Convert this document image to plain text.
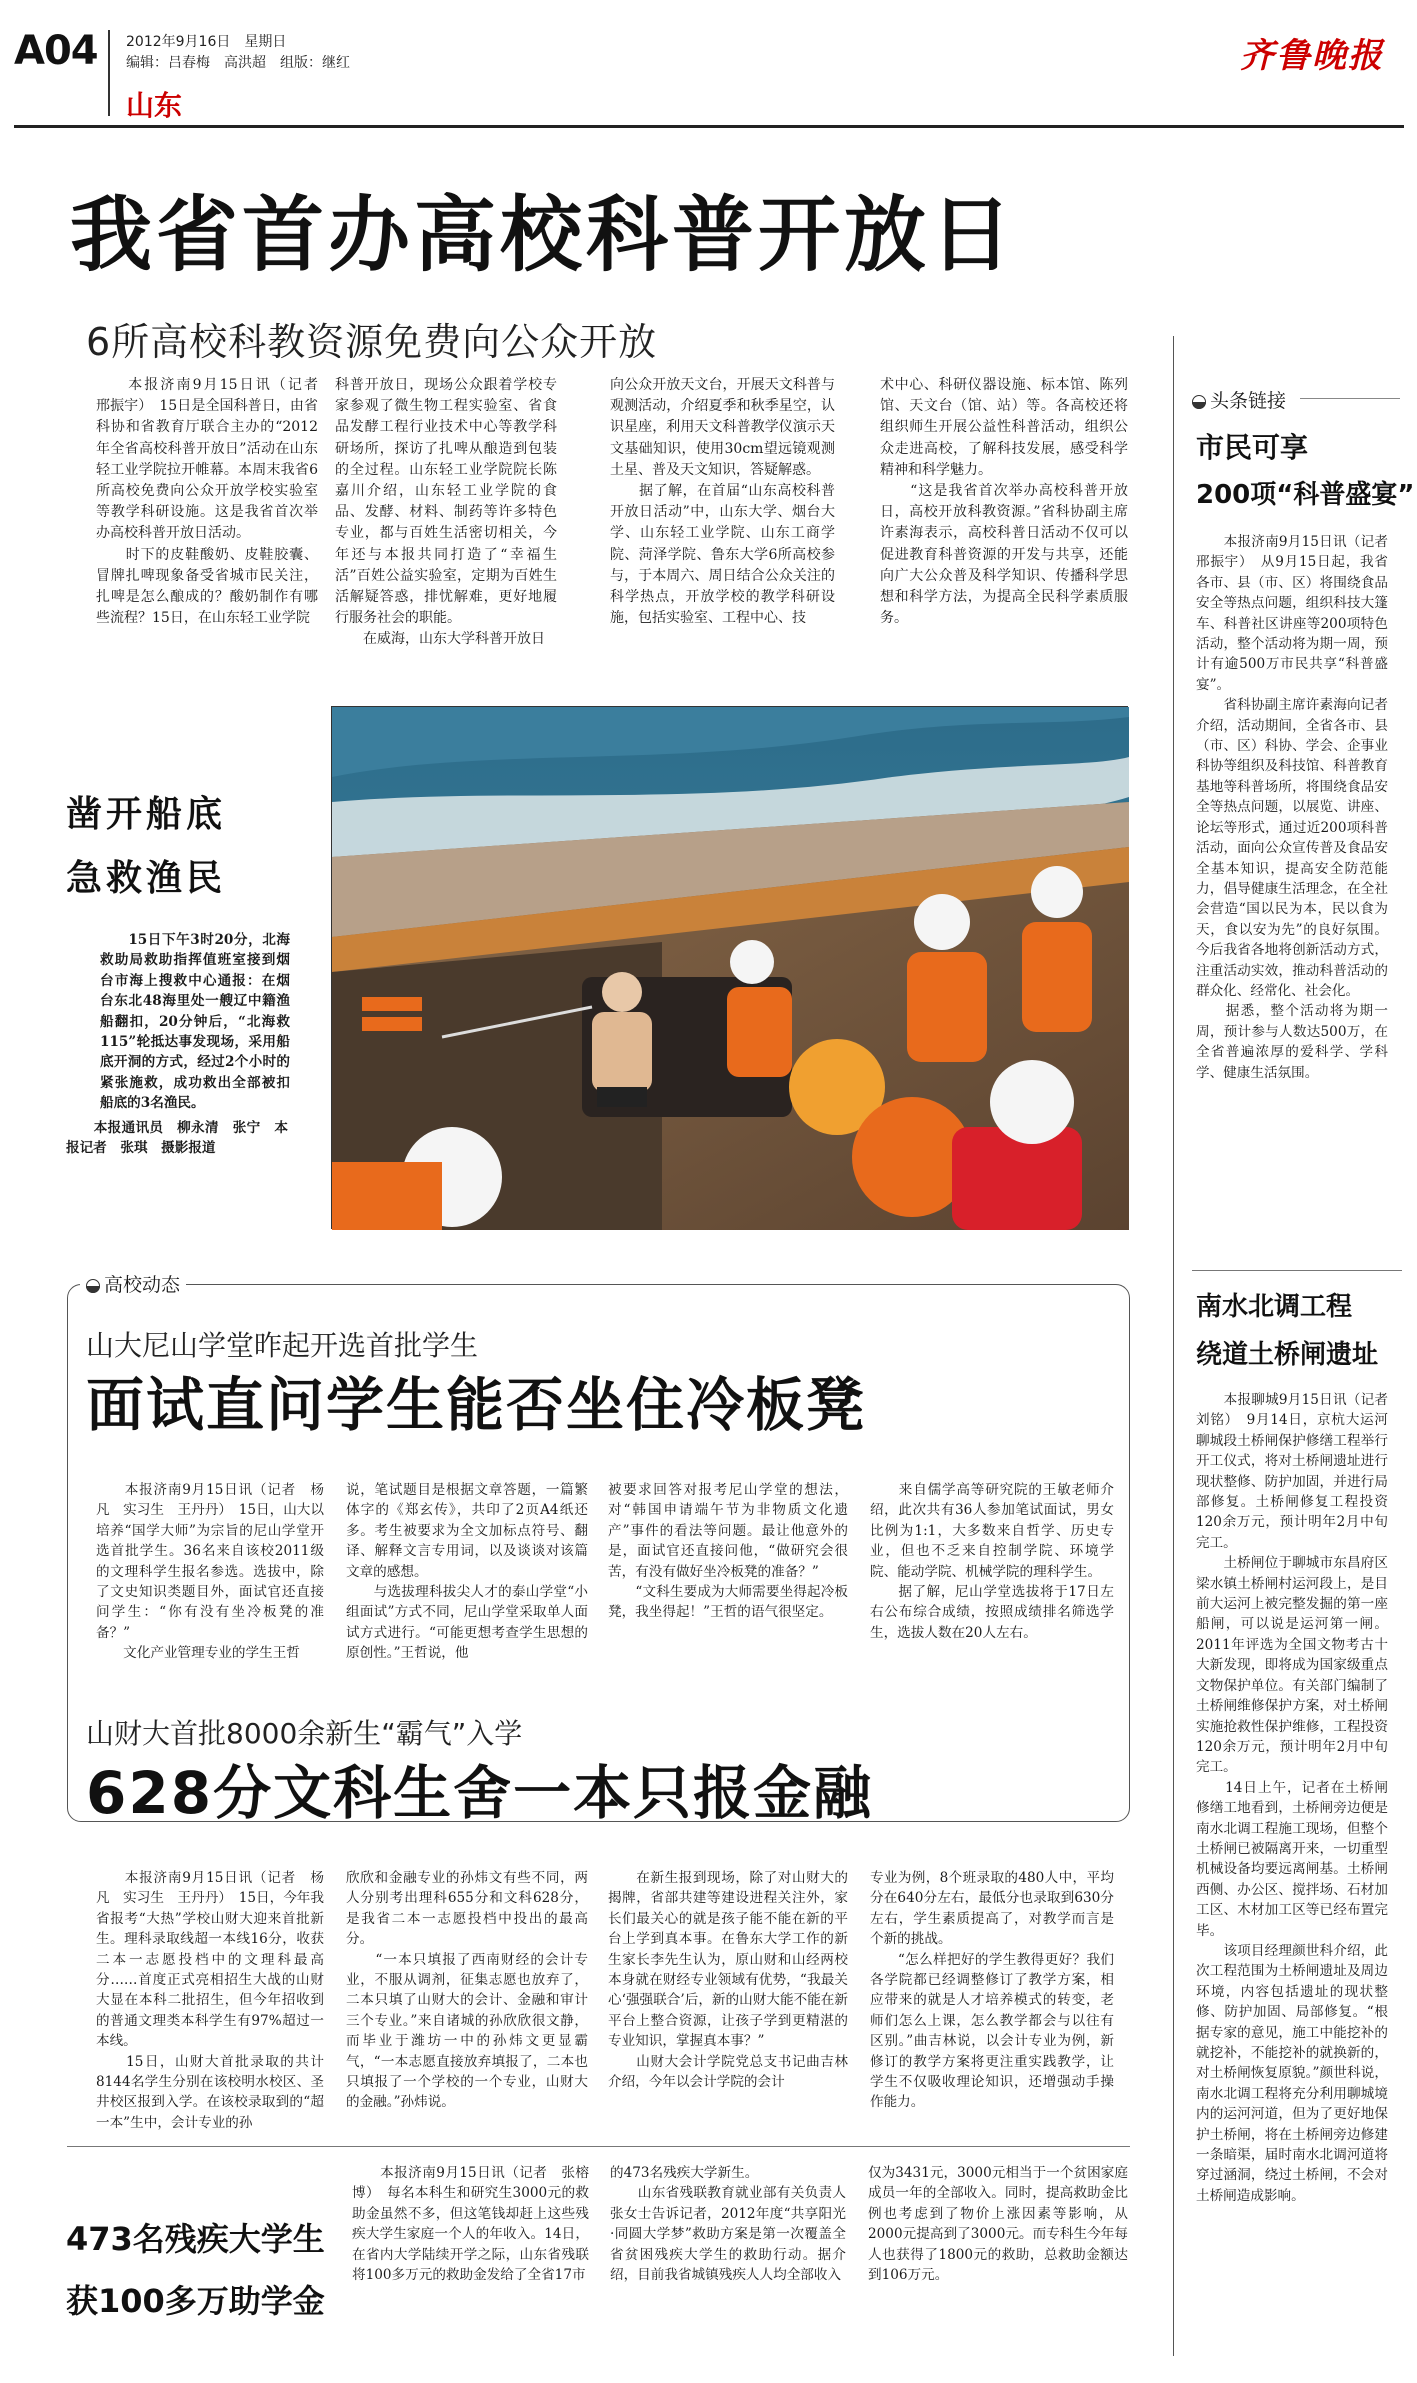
A04 2012年9月16日　星期日
编辑：吕春梅　高洪超　组版：继红
山东
齐鲁晚报
我省首办高校科普开放日
6所高校科教资源免费向公众开放
　　本报济南9月15日讯（记者　邢振宇）　15日是全国科普日，由省科协和省教育厅联合主办的“2012年全省高校科普开放日”活动在山东轻工业学院拉开帷幕。本周末我省6所高校免费向公众开放学校实验室等教学科研设施。这是我省首次举办高校科普开放日活动。
　　时下的皮鞋酸奶、皮鞋胶囊、冒牌扎啤现象备受省城市民关注，扎啤是怎么酿成的？酸奶制作有哪些流程？15日，在山东轻工业学院
科普开放日，现场公众跟着学校专家参观了微生物工程实验室、省食品发酵工程行业技术中心等教学科研场所，探访了扎啤从酿造到包装的全过程。山东轻工业学院院长陈嘉川介绍，山东轻工业学院的食品、发酵、材料、制药等许多特色专业，都与百姓生活密切相关，今年还与本报共同打造了“幸福生活”百姓公益实验室，定期为百姓生活解疑答惑，排忧解难，更好地履行服务社会的职能。
　　在威海，山东大学科普开放日
向公众开放天文台，开展天文科普与观测活动，介绍夏季和秋季星空，认识星座，利用天文科普教学仪演示天文基础知识，使用30cm望远镜观测土星、普及天文知识，答疑解惑。
　　据了解，在首届“山东高校科普开放日活动”中，山东大学、烟台大学、山东轻工业学院、山东工商学院、菏泽学院、鲁东大学6所高校参与，于本周六、周日结合公众关注的科学热点，开放学校的教学科研设施，包括实验室、工程中心、技
术中心、科研仪器设施、标本馆、陈列馆、天文台（馆、站）等。各高校还将组织师生开展公益性科普活动，组织公众走进高校，了解科技发展，感受科学精神和科学魅力。
　　“这是我省首次举办高校科普开放日，高校开放科教资源。”省科协副主席许素海表示，高校科普日活动不仅可以促进教育科普资源的开发与共享，还能向广大公众普及科学知识、传播科学思想和科学方法，为提高全民科学素质服务。
头条链接
市民可享
200项“科普盛宴”
　　本报济南9月15日讯（记者　邢振宇）　从9月15日起，我省各市、县（市、区）将围绕食品安全等热点问题，组织科技大篷车、科普社区讲座等200项特色活动，整个活动将为期一周，预计有逾500万市民共享“科普盛宴”。
　　省科协副主席许素海向记者介绍，活动期间，全省各市、县（市、区）科协、学会、企事业科协等组织及科技馆、科普教育基地等科普场所，将围绕食品安全等热点问题，以展览、讲座、论坛等形式，通过近200项科普活动，面向公众宣传普及食品安全基本知识，提高安全防范能力，倡导健康生活理念，在全社会营造“国以民为本，民以食为天，食以安为先”的良好氛围。今后我省各地将创新活动方式，注重活动实效，推动科普活动的群众化、经常化、社会化。
　　据悉，整个活动将为期一周，预计参与人数达500万，在全省普遍浓厚的爱科学、学科学、健康生活氛围。
凿开船底
急救渔民
　　15日下午3时20分，北海救助局救助指挥值班室接到烟台市海上搜救中心通报：在烟台东北48海里处一艘辽中籍渔船翻扣，20分钟后，“北海救115”轮抵达事发现场，采用船底开洞的方式，经过2个小时的紧张施救，成功救出全部被扣船底的3名渔民。
　　本报通讯员　柳永清　张宁　本报记者　张琪　摄影报道
高校动态
山大尼山学堂昨起开选首批学生
面试直问学生能否坐住冷板凳
　　本报济南9月15日讯（记者　杨凡　实习生　王丹丹）　15日，山大以培养“国学大师”为宗旨的尼山学堂开选首批学生。36名来自该校2011级的文理科学生报名参选。选拔中，除了文史知识类题目外，面试官还直接问学生：“你有没有坐冷板凳的准备？”
　　文化产业管理专业的学生王哲
说，笔试题目是根据文章答题，一篇繁体字的《郑玄传》，共印了2页A4纸还多。考生被要求为全文加标点符号、翻译、解释文言专用词，以及谈谈对该篇文章的感想。
　　与选拔理科拔尖人才的泰山学堂“小组面试”方式不同，尼山学堂采取单人面试方式进行。“可能更想考查学生思想的原创性。”王哲说，他
被要求回答对报考尼山学堂的想法，对“韩国申请端午节为非物质文化遗产”事件的看法等问题。最让他意外的是，面试官还直接问他，“做研究会很苦，有没有做好坐冷板凳的准备？”
　　“文科生要成为大师需要坐得起冷板凳，我坐得起！”王哲的语气很坚定。
　　来自儒学高等研究院的王敏老师介绍，此次共有36人参加笔试面试，男女比例为1:1，大多数来自哲学、历史专业，但也不乏来自控制学院、环境学院、能动学院、机械学院的理科学生。
　　据了解，尼山学堂选拔将于17日左右公布综合成绩，按照成绩排名筛选学生，选拔人数在20人左右。
山财大首批8000余新生“霸气”入学
628分文科生舍一本只报金融
　　本报济南9月15日讯（记者　杨凡　实习生　王丹丹）　15日，今年我省报考“大热”学校山财大迎来首批新生。理科录取线超一本线16分，收获二本一志愿投档中的文理科最高分……首度正式亮相招生大战的山财大显在本科二批招生，但今年招收到的普通文理类本科学生有97%超过一本线。
　　15日，山财大首批录取的共计8144名学生分别在该校明水校区、圣井校区报到入学。在该校录取到的“超一本”生中，会计专业的孙
欣欣和金融专业的孙炜文有些不同，两人分别考出理科655分和文科628分，是我省二本一志愿投档中投出的最高分。
　　“一本只填报了西南财经的会计专业，不服从调剂，征集志愿也放弃了，二本只填了山财大的会计、金融和审计三个专业。”来自诸城的孙欣欣很文静，而毕业于潍坊一中的孙炜文更显霸气，“一本志愿直接放弃填报了，二本也只填报了一个学校的一个专业，山财大的金融。”孙炜说。
　　在新生报到现场，除了对山财大的揭牌，省部共建等建设进程关注外，家长们最关心的就是孩子能不能在新的平台上学到真本事。在鲁东大学工作的新生家长李先生认为，原山财和山经两校本身就在财经专业领域有优势，“我最关心‘强强联合’后，新的山财大能不能在新平台上整合资源，让孩子学到更精湛的专业知识，掌握真本事？”
　　山财大会计学院党总支书记曲吉林介绍，今年以会计学院的会计
专业为例，8个班录取的480人中，平均分在640分左右，最低分也录取到630分左右，学生素质提高了，对教学而言是个新的挑战。
　　“怎么样把好的学生教得更好？我们各学院都已经调整修订了教学方案，相应带来的就是人才培养模式的转变，老师们怎么上课，怎么教学都会与以往有区别。”曲吉林说，以会计专业为例，新修订的教学方案将更注重实践教学，让学生不仅吸收理论知识，还增强动手操作能力。
473名残疾大学生
获100多万助学金
　　本报济南9月15日讯（记者　张榕博）　每名本科生和研究生3000元的救助金虽然不多，但这笔钱却赶上这些残疾大学生家庭一个人的年收入。14日，在省内大学陆续开学之际，山东省残联将100多万元的救助金发给了全省17市
的473名残疾大学新生。
　　山东省残联教育就业部有关负责人张女士告诉记者，2012年度“共享阳光·同圆大学梦”救助方案是第一次覆盖全省贫困残疾大学生的救助行动。据介绍，目前我省城镇残疾人人均全部收入
仅为3431元，3000元相当于一个贫困家庭成员一年的全部收入。同时，提高救助金比例也考虑到了物价上涨因素等影响，从2000元提高到了3000元。而专科生今年每人也获得了1800元的救助，总救助金额达到106万元。
南水北调工程
绕道土桥闸遗址
　　本报聊城9月15日讯（记者　刘铭）　9月14日，京杭大运河聊城段土桥闸保护修缮工程举行开工仪式，将对土桥闸遗址进行现状整修、防护加固，并进行局部修复。土桥闸修复工程投资120余万元，预计明年2月中旬完工。
　　土桥闸位于聊城市东昌府区梁水镇土桥闸村运河段上，是目前大运河上被完整发掘的第一座船闸，可以说是运河第一闸。2011年评选为全国文物考古十大新发现，即将成为国家级重点文物保护单位。有关部门编制了土桥闸维修保护方案，对土桥闸实施抢救性保护维修，工程投资120余万元，预计明年2月中旬完工。
　　14日上午，记者在土桥闸修缮工地看到，土桥闸旁边便是南水北调工程施工现场，但整个土桥闸已被隔离开来，一切重型机械设备均要远离闸基。土桥闸西侧、办公区、搅拌场、石材加工区、木材加工区等已经布置完毕。
　　该项目经理颜世科介绍，此次工程范围为土桥闸遗址及周边环境，内容包括遗址的现状整修、防护加固、局部修复。“根据专家的意见，施工中能挖补的就挖补，不能挖补的就换新的，对土桥闸恢复原貌。”颜世科说，南水北调工程将充分利用聊城境内的运河河道，但为了更好地保护土桥闸，将在土桥闸旁边修建一条暗渠，届时南水北调河道将穿过涵洞，绕过土桥闸，不会对土桥闸造成影响。
